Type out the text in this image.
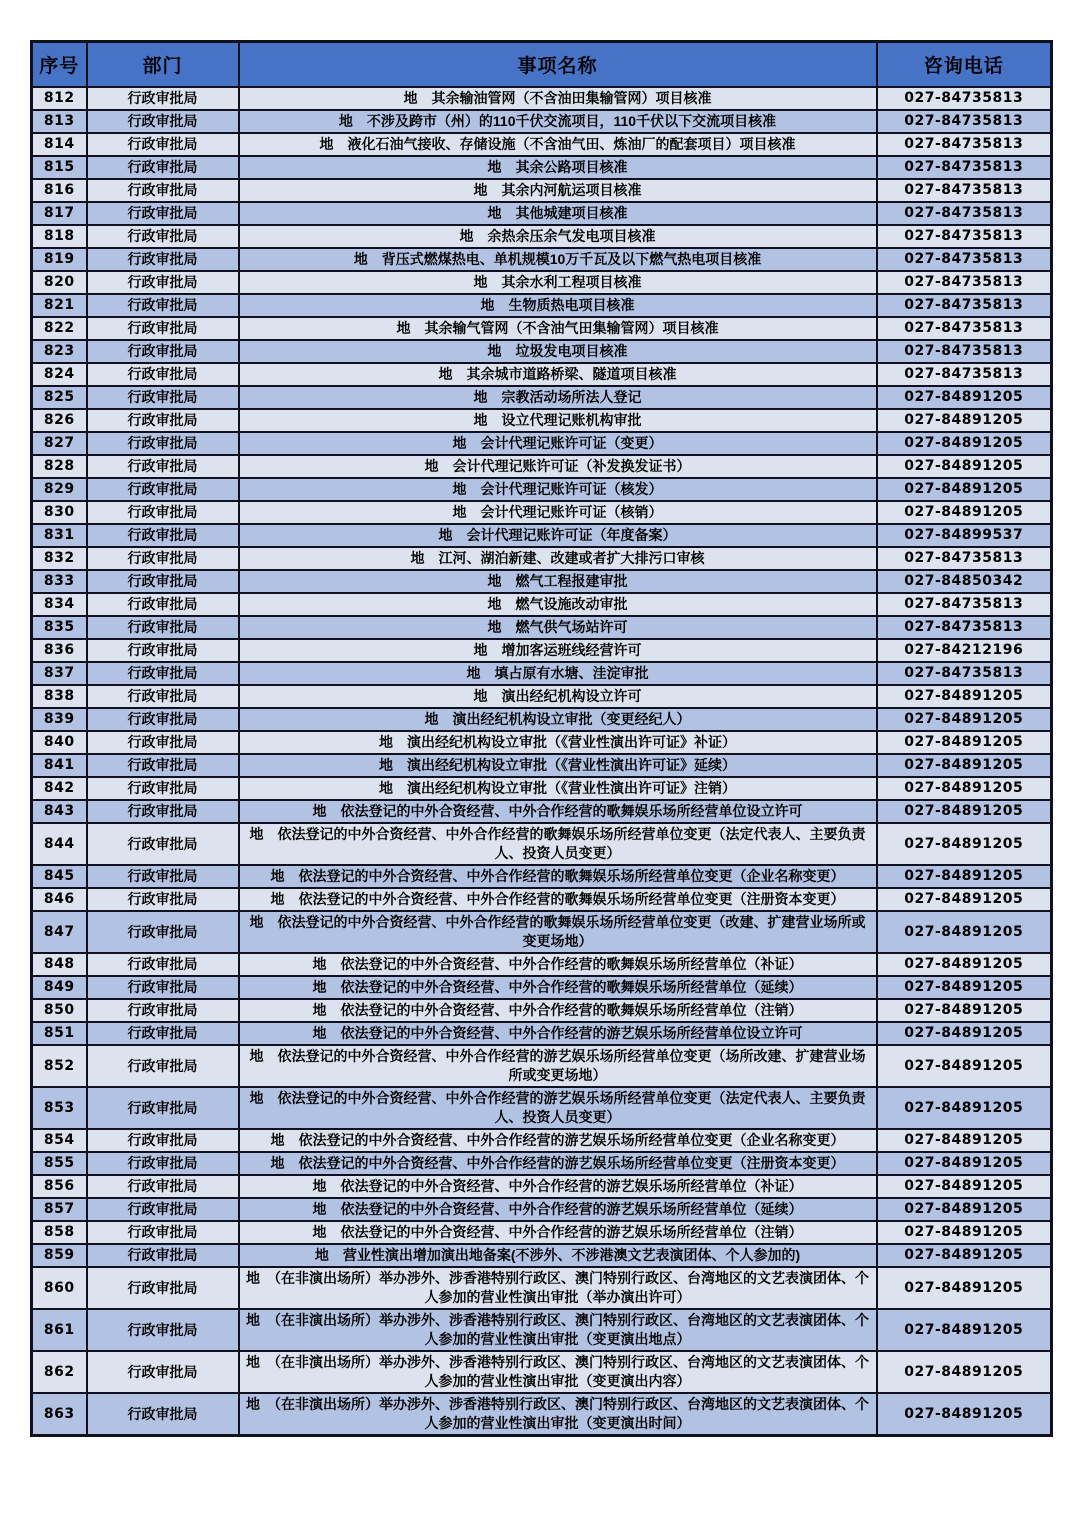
序号	部门	事项名称	咨询电话
812	行政审批局	地　其余输油管网（不含油田集输管网）项目核准	027-84735813
813	行政审批局	地　不涉及跨市（州）的110千伏交流项目，110千伏以下交流项目核准	027-84735813
814	行政审批局	地　液化石油气接收、存储设施（不含油气田、炼油厂的配套项目）项目核准	027-84735813
815	行政审批局	地　其余公路项目核准	027-84735813
816	行政审批局	地　其余内河航运项目核准	027-84735813
817	行政审批局	地　其他城建项目核准	027-84735813
818	行政审批局	地　余热余压余气发电项目核准	027-84735813
819	行政审批局	地　背压式燃煤热电、单机规模10万千瓦及以下燃气热电项目核准	027-84735813
820	行政审批局	地　其余水利工程项目核准	027-84735813
821	行政审批局	地　生物质热电项目核准	027-84735813
822	行政审批局	地　其余输气管网（不含油气田集输管网）项目核准	027-84735813
823	行政审批局	地　垃圾发电项目核准	027-84735813
824	行政审批局	地　其余城市道路桥梁、隧道项目核准	027-84735813
825	行政审批局	地　宗教活动场所法人登记	027-84891205
826	行政审批局	地　设立代理记账机构审批	027-84891205
827	行政审批局	地　会计代理记账许可证（变更）	027-84891205
828	行政审批局	地　会计代理记账许可证（补发换发证书）	027-84891205
829	行政审批局	地　会计代理记账许可证（核发）	027-84891205
830	行政审批局	地　会计代理记账许可证（核销）	027-84891205
831	行政审批局	地　会计代理记账许可证（年度备案）	027-84899537
832	行政审批局	地　江河、湖泊新建、改建或者扩大排污口审核	027-84735813
833	行政审批局	地　燃气工程报建审批	027-84850342
834	行政审批局	地　燃气设施改动审批	027-84735813
835	行政审批局	地　燃气供气场站许可	027-84735813
836	行政审批局	地　增加客运班线经营许可	027-84212196
837	行政审批局	地　填占原有水塘、洼淀审批	027-84735813
838	行政审批局	地　演出经纪机构设立许可	027-84891205
839	行政审批局	地　演出经纪机构设立审批（变更经纪人）	027-84891205
840	行政审批局	地　演出经纪机构设立审批（《营业性演出许可证》补证）	027-84891205
841	行政审批局	地　演出经纪机构设立审批（《营业性演出许可证》延续）	027-84891205
842	行政审批局	地　演出经纪机构设立审批（《营业性演出许可证》注销）	027-84891205
843	行政审批局	地　依法登记的中外合资经营、中外合作经营的歌舞娱乐场所经营单位设立许可	027-84891205
844	行政审批局	地　依法登记的中外合资经营、中外合作经营的歌舞娱乐场所经营单位变更（法定代表人、主要负责人、投资人员变更）	027-84891205
845	行政审批局	地　依法登记的中外合资经营、中外合作经营的歌舞娱乐场所经营单位变更（企业名称变更）	027-84891205
846	行政审批局	地　依法登记的中外合资经营、中外合作经营的歌舞娱乐场所经营单位变更（注册资本变更）	027-84891205
847	行政审批局	地　依法登记的中外合资经营、中外合作经营的歌舞娱乐场所经营单位变更（改建、扩建营业场所或变更场地）	027-84891205
848	行政审批局	地　依法登记的中外合资经营、中外合作经营的歌舞娱乐场所经营单位（补证）	027-84891205
849	行政审批局	地　依法登记的中外合资经营、中外合作经营的歌舞娱乐场所经营单位（延续）	027-84891205
850	行政审批局	地　依法登记的中外合资经营、中外合作经营的歌舞娱乐场所经营单位（注销）	027-84891205
851	行政审批局	地　依法登记的中外合资经营、中外合作经营的游艺娱乐场所经营单位设立许可	027-84891205
852	行政审批局	地　依法登记的中外合资经营、中外合作经营的游艺娱乐场所经营单位变更（场所改建、扩建营业场所或变更场地）	027-84891205
853	行政审批局	地　依法登记的中外合资经营、中外合作经营的游艺娱乐场所经营单位变更（法定代表人、主要负责人、投资人员变更）	027-84891205
854	行政审批局	地　依法登记的中外合资经营、中外合作经营的游艺娱乐场所经营单位变更（企业名称变更）	027-84891205
855	行政审批局	地　依法登记的中外合资经营、中外合作经营的游艺娱乐场所经营单位变更（注册资本变更）	027-84891205
856	行政审批局	地　依法登记的中外合资经营、中外合作经营的游艺娱乐场所经营单位（补证）	027-84891205
857	行政审批局	地　依法登记的中外合资经营、中外合作经营的游艺娱乐场所经营单位（延续）	027-84891205
858	行政审批局	地　依法登记的中外合资经营、中外合作经营的游艺娱乐场所经营单位（注销）	027-84891205
859	行政审批局	地　营业性演出增加演出地备案(不涉外、不涉港澳文艺表演团体、个人参加的)	027-84891205
860	行政审批局	地　（在非演出场所）举办涉外、涉香港特别行政区、澳门特别行政区、台湾地区的文艺表演团体、个人参加的营业性演出审批（举办演出许可）	027-84891205
861	行政审批局	地　（在非演出场所）举办涉外、涉香港特别行政区、澳门特别行政区、台湾地区的文艺表演团体、个人参加的营业性演出审批（变更演出地点）	027-84891205
862	行政审批局	地　（在非演出场所）举办涉外、涉香港特别行政区、澳门特别行政区、台湾地区的文艺表演团体、个人参加的营业性演出审批（变更演出内容）	027-84891205
863	行政审批局	地　（在非演出场所）举办涉外、涉香港特别行政区、澳门特别行政区、台湾地区的文艺表演团体、个人参加的营业性演出审批（变更演出时间）	027-84891205
